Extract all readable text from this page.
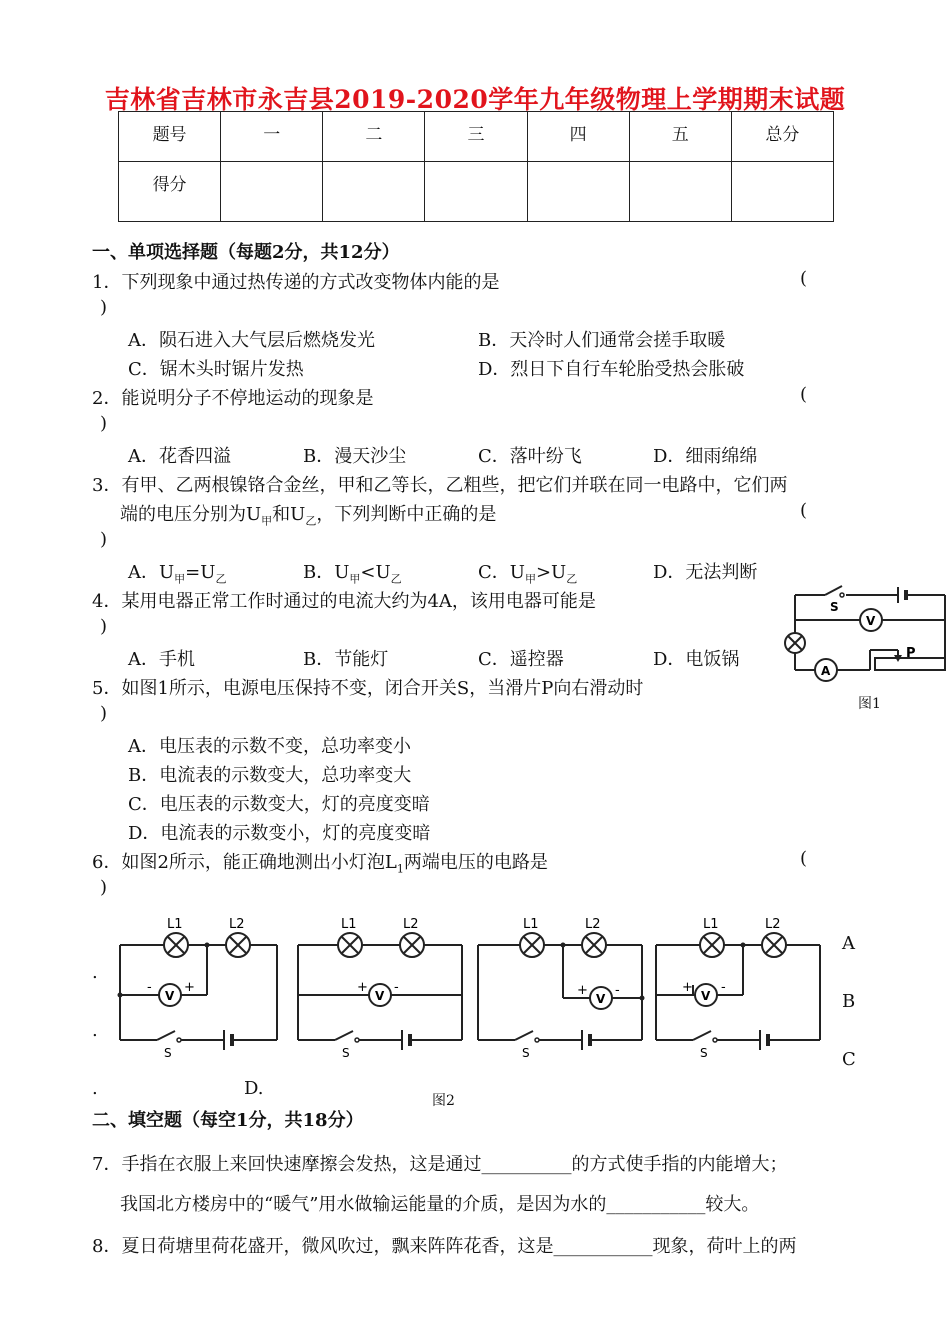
吉林省吉林市永吉县2019-2020学年九年级物理上学期期末试题
题号	一	二	三	四	五	总分
得分						
一、单项选择题（每题2分，共12分）
1．下列现象中通过热传递的方式改变物体内能的是	(
)
A．陨石进入大气层后燃烧发光	B．天冷时人们通常会搓手取暖
C．锯木头时锯片发热	D．烈日下自行车轮胎受热会胀破
2．能说明分子不停地运动的现象是	(
)
A．花香四溢	B．漫天沙尘	C．落叶纷飞	D．细雨绵绵
3．有甲、乙两根镍铬合金丝，甲和乙等长，乙粗些，把它们并联在同一电路中，它们两
端的电压分别为$U_甲$和$U_乙$，下列判断中正确的是	(
)
A．$U_甲=U_乙$	B．$U_甲<U_乙$	C．$U_甲>U_乙$	D．无法判断
4．某用电器正常工作时通过的电流大约为4A，该用电器可能是
)
A．手机	B．节能灯	C．遥控器	D．电饭锅
5．如图1所示，电源电压保持不变，闭合开关S，当滑片P向右滑动时
)
A．电压表的示数不变，总功率变小
B．电流表的示数变大，总功率变大
C．电压表的示数变大，灯的亮度变暗
D．电流表的示数变小，灯的亮度变暗
6．如图2所示，能正确地测出小灯泡$L_1$两端电压的电路是	(
)
S
V
A
P
图1
L1	L2
V
- +
S
L1	L2
V
+ -
S
L1	L2
V
+ -
S
L1	L2
V
+ -
S
A
B
C
.
.
.	D.
图2
二、填空题（每空1分，共18分）
7．手指在衣服上来回快速摩擦会发热，这是通过__________的方式使手指的内能增大；
我国北方楼房中的“暖气”用水做输运能量的介质，是因为水的___________较大。
8．夏日荷塘里荷花盛开，微风吹过，飘来阵阵花香，这是___________现象，荷叶上的两
